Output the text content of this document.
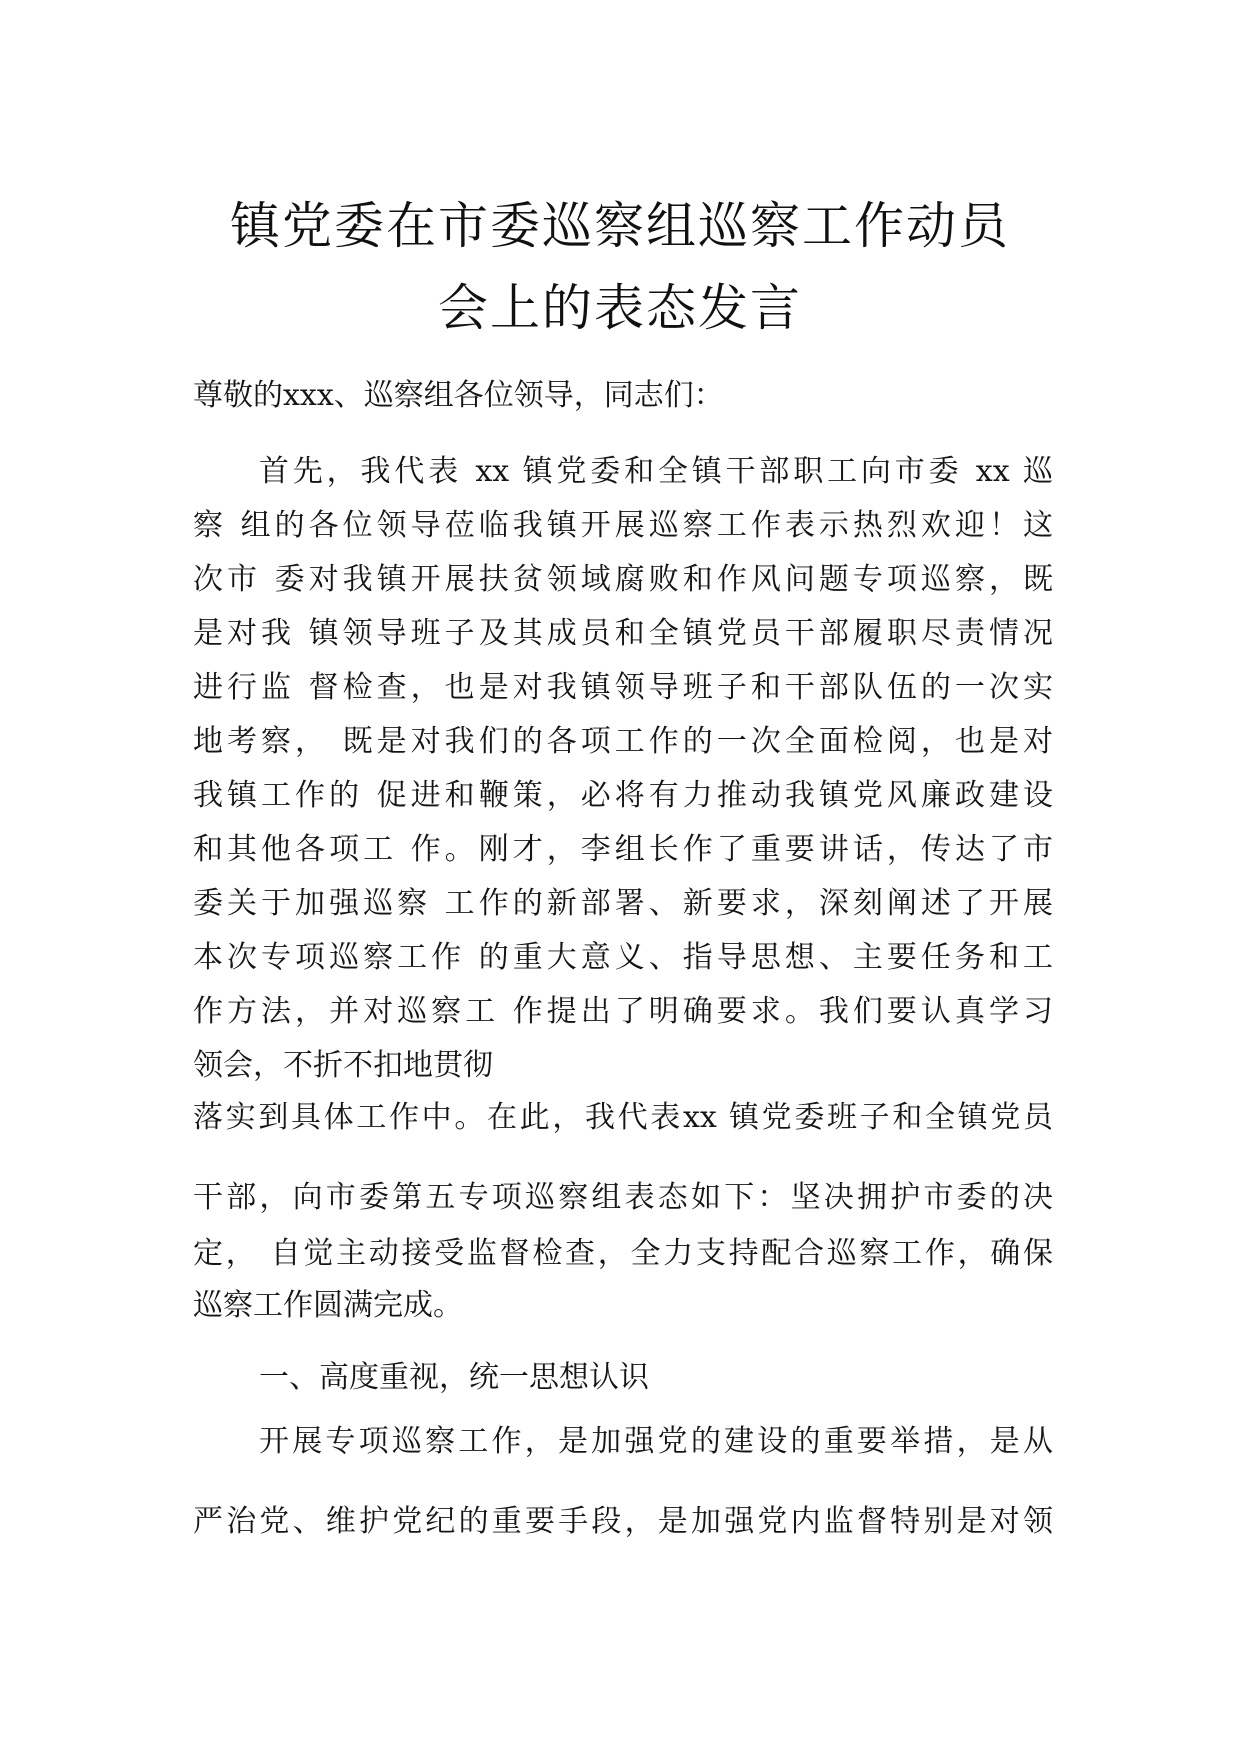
镇党委在市委巡察组巡察工作动员
会上的表态发言
尊敬的xxx、巡察组各位领导，同志们：
首先，我代表 xx 镇党委和全镇干部职工向市委 xx 巡
察 组的各位领导莅临我镇开展巡察工作表示热烈欢迎！这
次市 委对我镇开展扶贫领域腐败和作风问题专项巡察，既
是对我 镇领导班子及其成员和全镇党员干部履职尽责情况
进行监 督检查，也是对我镇领导班子和干部队伍的一次实
地考察， 既是对我们的各项工作的一次全面检阅，也是对
我镇工作的 促进和鞭策，必将有力推动我镇党风廉政建设
和其他各项工 作。刚才，李组长作了重要讲话，传达了市
委关于加强巡察 工作的新部署、新要求，深刻阐述了开展
本次专项巡察工作 的重大意义、指导思想、主要任务和工
作方法，并对巡察工 作提出了明确要求。我们要认真学习
领会，不折不扣地贯彻
落实到具体工作中。在此，我代表xx 镇党委班子和全镇党员
干部，向市委第五专项巡察组表态如下：坚决拥护市委的决
定， 自觉主动接受监督检查，全力支持配合巡察工作，确保
巡察工作圆满完成。
一、高度重视，统一思想认识
开展专项巡察工作，是加强党的建设的重要举措，是从
严治党、维护党纪的重要手段，是加强党内监督特别是对领
